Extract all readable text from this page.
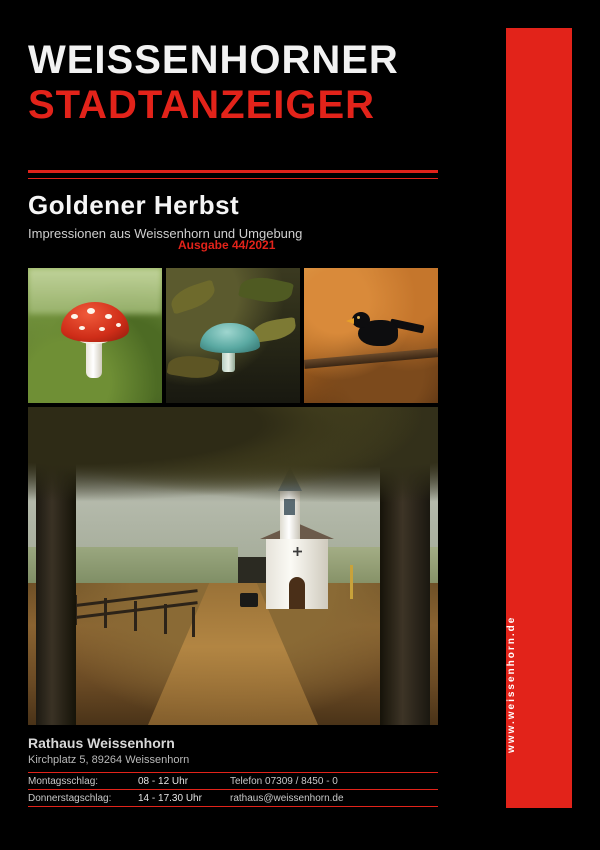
WEISSENHORNER
STADTANZEIGER
www.weissenhorn.de
Goldener Herbst
Impressionen aus Weissenhorn und Umgebung
Ausgabe 44/2021
Rathaus Weissenhorn
Kirchplatz 5, 89264 Weissenhorn
Montagsschlag:	08 - 12 Uhr	Telefon 07309 / 8450 - 0
Donnerstagschlag:	14 - 17.30 Uhr	rathaus@weissenhorn.de
